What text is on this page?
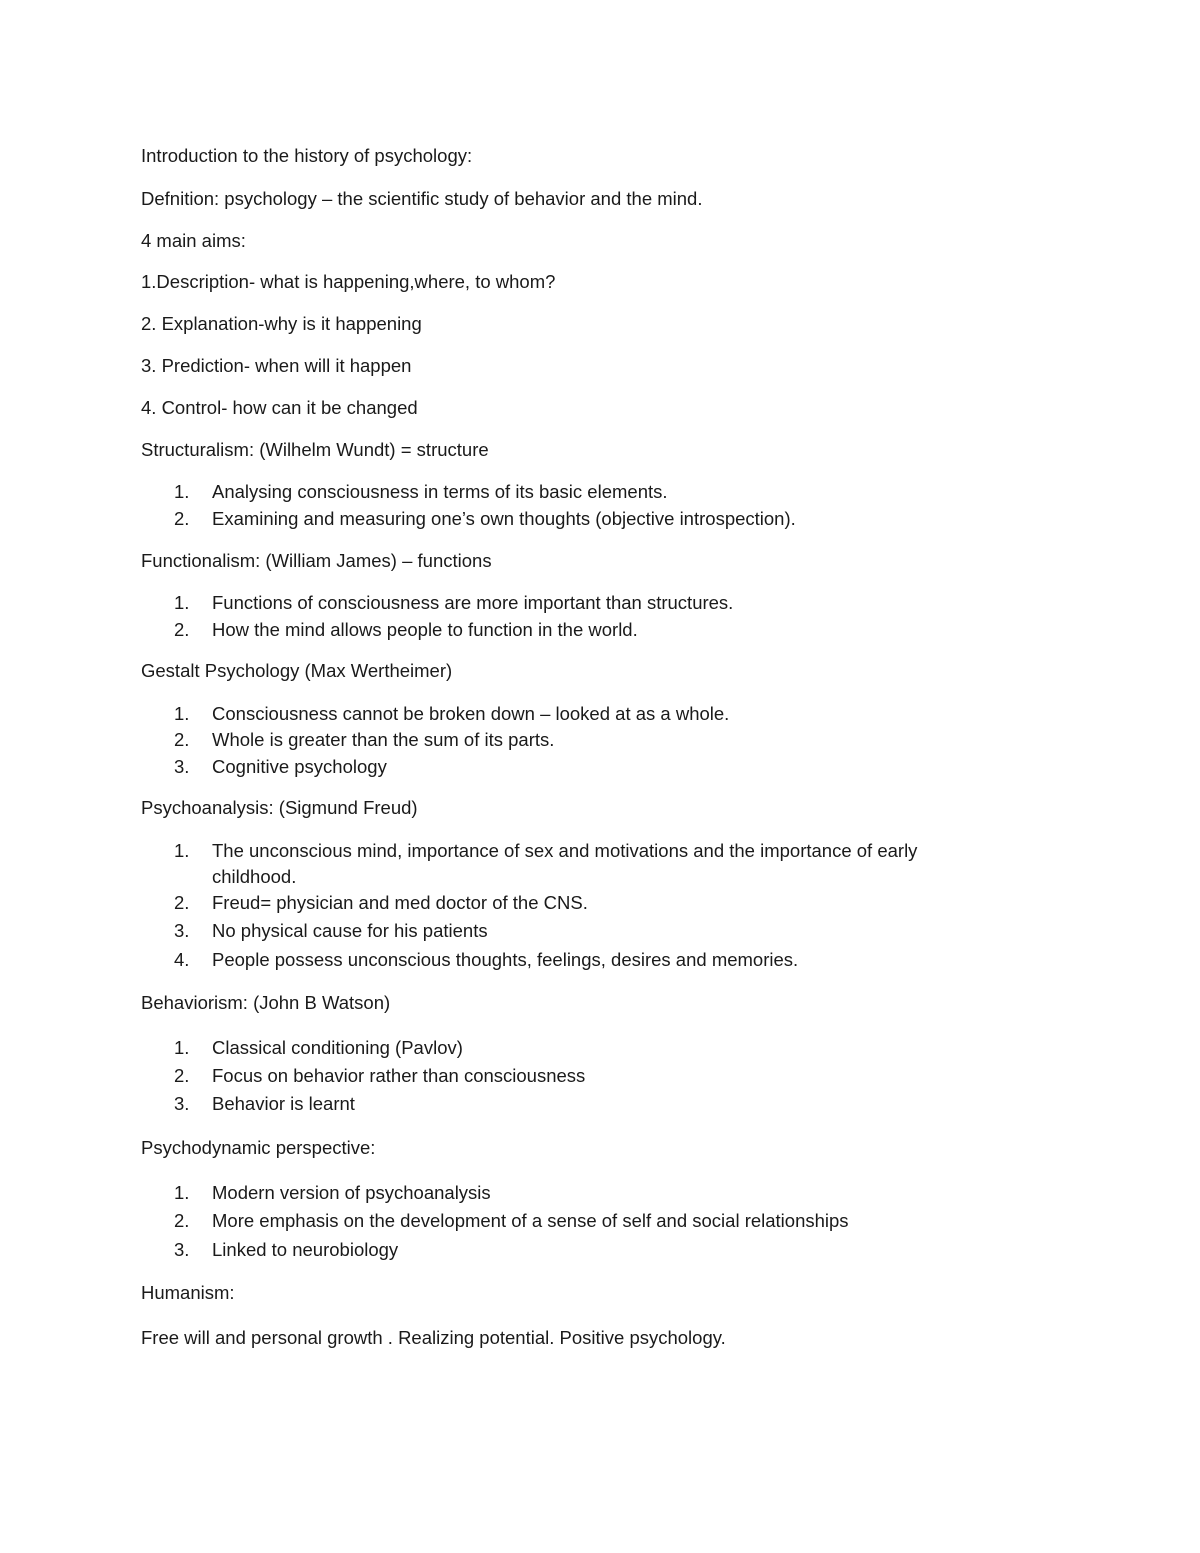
Introduction to the history of psychology:
Defnition: psychology – the scientific study of behavior and the mind.
4 main aims:
1.Description- what is happening,where, to whom?
2. Explanation-why is it happening
3. Prediction- when will it happen
4. Control- how can it be changed
Structuralism: (Wilhelm Wundt) = structure
1.	Analysing consciousness in terms of its basic elements.
2.	Examining and measuring one’s own thoughts (objective introspection).
Functionalism: (William James) – functions
1.	Functions of consciousness are more important than structures.
2.	How the mind allows people to function in the world.
Gestalt Psychology (Max Wertheimer)
1.	Consciousness cannot be broken down – looked at as a whole.
2.	Whole is greater than the sum of its parts.
3.	Cognitive psychology
Psychoanalysis: (Sigmund Freud)
1.	The unconscious mind, importance of sex and motivations and the importance of early childhood.
2.	Freud= physician and med doctor of the CNS.
3.	No physical cause for his patients
4.	People possess unconscious thoughts, feelings, desires and memories.
Behaviorism: (John B Watson)
1.	Classical conditioning (Pavlov)
2.	Focus on behavior rather than consciousness
3.	Behavior is learnt
Psychodynamic perspective:
1.	Modern version of psychoanalysis
2.	More emphasis on the development of a sense of self and social relationships
3.	Linked to neurobiology
Humanism:
Free will and personal growth . Realizing potential. Positive psychology.
